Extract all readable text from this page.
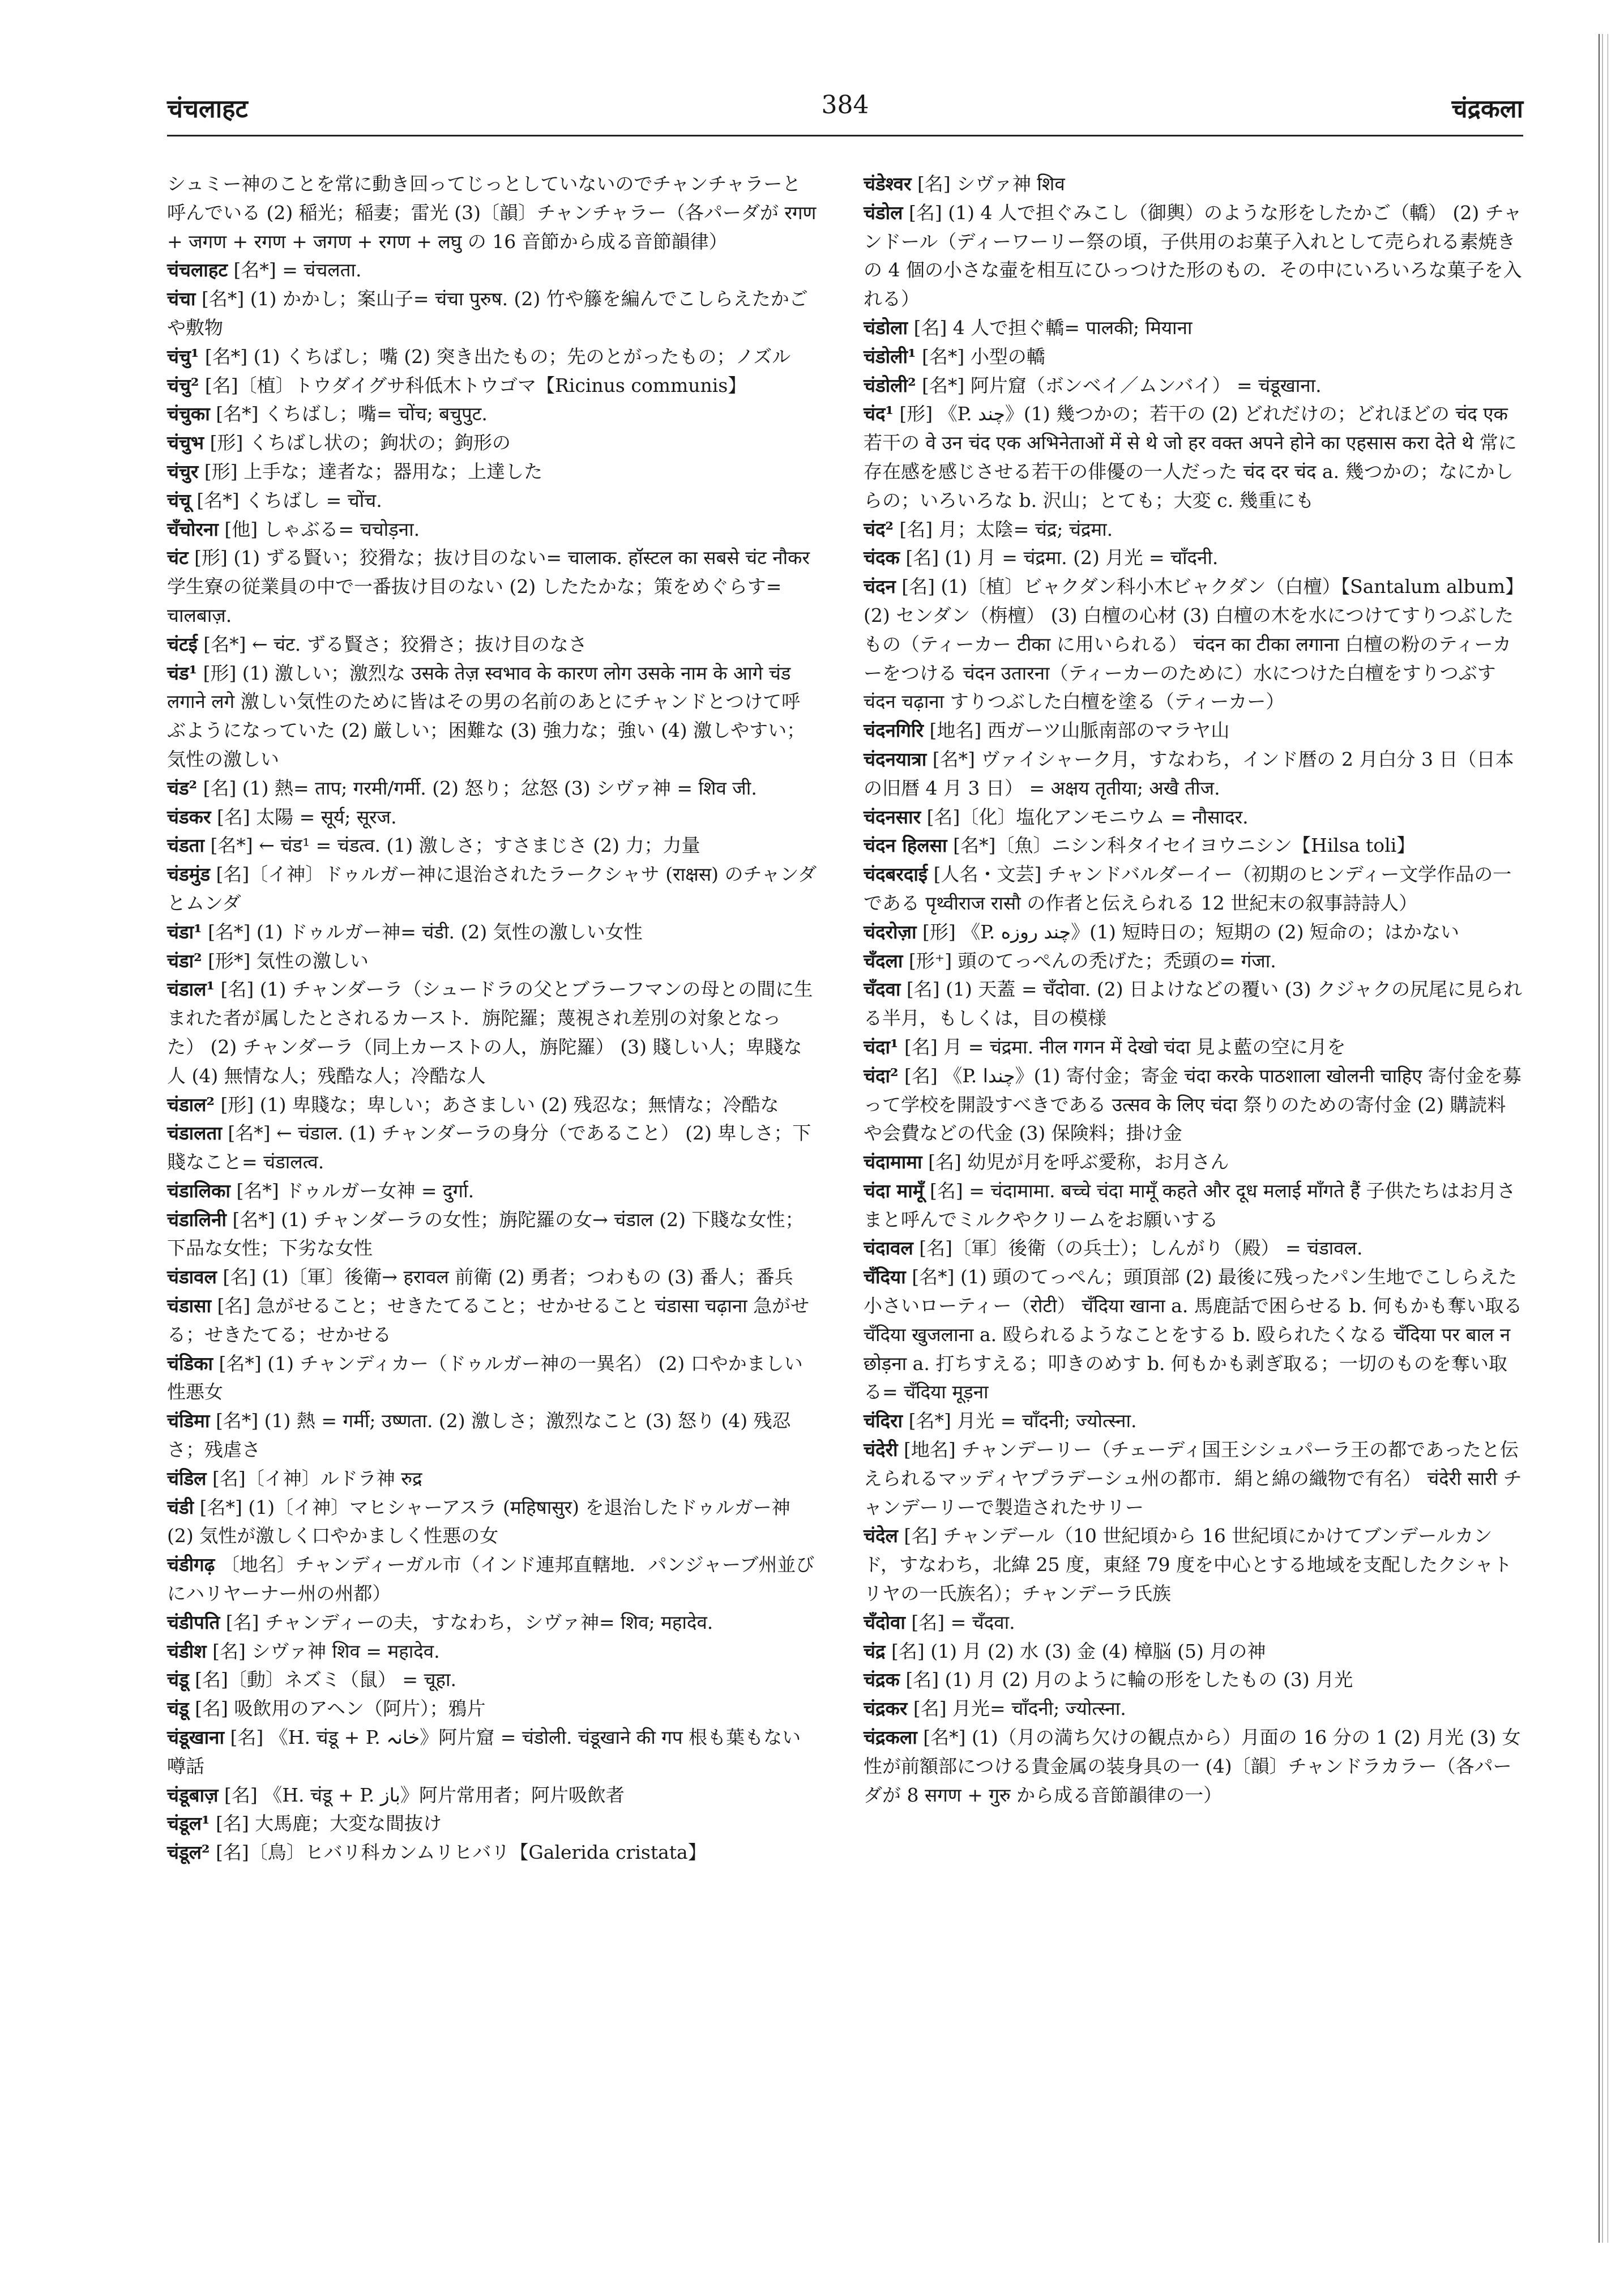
चंचलाहट	384	चंद्रकला

シュミー神のことを常に動き回ってじっとしていないのでチャンチャラーと呼んでいる (2) 稲光；稲妻；雷光 (3)〔韻〕チャンチャラー（各パーダが रगण + जगण + रगण + जगण + रगण + लघु の 16 音節から成る音節韻律）

चंचलाहट [名*] = चंचलता.

चंचा [名*] (1) かかし；案山子= चंचा पुरुष. (2) 竹や籐を編んでこしらえたかごや敷物

चंचु¹ [名*] (1) くちばし；嘴 (2) 突き出たもの；先のとがったもの；ノズル

चंचु² [名]〔植〕トウダイグサ科低木トウゴマ【Ricinus communis】

चंचुका [名*] くちばし；嘴= चोंच; बचुपुट.

चंचुभ [形] くちばし状の；鉤状の；鉤形の

चंचुर [形] 上手な；達者な；器用な；上達した

चंचू [名*] くちばし = चोंच.

चँचोरना [他] しゃぶる= चचोड़ना.

चंट [形] (1) ずる賢い；狡猾な；抜け目のない= चालाक. हॉस्टल का सबसे चंट नौकर 学生寮の従業員の中で一番抜け目のない (2) したたかな；策をめぐらす= चालबाज़.

चंटई [名*] ← चंट. ずる賢さ；狡猾さ；抜け目のなさ

चंड¹ [形] (1) 激しい；激烈な उसके तेज़ स्वभाव के कारण लोग उसके नाम के आगे चंड लगाने लगे 激しい気性のために皆はその男の名前のあとにチャンドとつけて呼ぶようになっていた (2) 厳しい；困難な (3) 強力な；強い (4) 激しやすい；気性の激しい

चंड² [名] (1) 熱= ताप; गरमी/गर्मी. (2) 怒り；忿怒 (3) シヴァ神 = शिव जी.

चंडकर [名] 太陽 = सूर्य; सूरज.

चंडता [名*] ← चंड¹ = चंडत्व. (1) 激しさ；すさまじさ (2) 力；力量

चंडमुंड [名]〔イ神〕ドゥルガー神に退治されたラークシャサ (राक्षस) のチャンダとムンダ

चंडा¹ [名*] (1) ドゥルガー神= चंडी. (2) 気性の激しい女性

चंडा² [形*] 気性の激しい

चंडाल¹ [名] (1) チャンダーラ（シュードラの父とブラーフマンの母との間に生まれた者が属したとされるカースト．旃陀羅；蔑視され差別の対象となった） (2) チャンダーラ（同上カーストの人，旃陀羅） (3) 賤しい人；卑賤な人 (4) 無情な人；残酷な人；冷酷な人

चंडाल² [形] (1) 卑賤な；卑しい；あさましい (2) 残忍な；無情な；冷酷な

चंडालता [名*] ← चंडाल. (1) チャンダーラの身分（であること） (2) 卑しさ；下賤なこと= चंडालत्व.

चंडालिका [名*] ドゥルガー女神 = दुर्गा.

चंडालिनी [名*] (1) チャンダーラの女性；旃陀羅の女→ चंडाल (2) 下賤な女性；下品な女性；下劣な女性

चंडावल [名] (1)〔軍〕後衛→ हरावल 前衛 (2) 勇者；つわもの (3) 番人；番兵

चंडासा [名] 急がせること；せきたてること；せかせること चंडासा चढ़ाना 急がせる；せきたてる；せかせる

चंडिका [名*] (1) チャンディカー（ドゥルガー神の一異名） (2) 口やかましい性悪女

चंडिमा [名*] (1) 熱 = गर्मी; उष्णता. (2) 激しさ；激烈なこと (3) 怒り (4) 残忍さ；残虐さ

चंडिल [名]〔イ神〕ルドラ神 रुद्र

चंडी [名*] (1)〔イ神〕マヒシャーアスラ (महिषासुर) を退治したドゥルガー神 (2) 気性が激しく口やかましく性悪の女

चंडीगढ़ 〔地名〕チャンディーガル市（インド連邦直轄地．パンジャーブ州並びにハリヤーナー州の州都）

चंडीपति [名] チャンディーの夫，すなわち，シヴァ神= शिव; महादेव.

चंडीश [名] シヴァ神 शिव = महादेव.

चंडू [名]〔動〕ネズミ（鼠） = चूहा.

चंडू [名] 吸飲用のアヘン（阿片）；鴉片

चंडूखाना [名] 《H. चंडू + P. خانہ》阿片窟 = चंडोली. चंडूखाने की गप 根も葉もない噂話

चंडूबाज़ [名] 《H. चंडू + P. باز》阿片常用者；阿片吸飲者

चंडूल¹ [名] 大馬鹿；大変な間抜け

चंडूल² [名]〔鳥〕ヒバリ科カンムリヒバリ【Galerida cristata】

चंडेश्वर [名] シヴァ神 शिव

चंडोल [名] (1) 4 人で担ぐみこし（御輿）のような形をしたかご（轎） (2) チャンドール（ディーワーリー祭の頃，子供用のお菓子入れとして売られる素焼きの 4 個の小さな壷を相互にひっつけた形のもの．その中にいろいろな菓子を入れる）

चंडोला [名] 4 人で担ぐ轎= पालकी; मियाना

चंडोली¹ [名*] 小型の轎

चंडोली² [名*] 阿片窟（ボンベイ／ムンバイ） = चंडूखाना.

चंद¹ [形] 《P. چند》(1) 幾つかの；若干の (2) どれだけの；どれほどの चंद एक 若干の वे उन चंद एक अभिनेताओं में से थे जो हर वक्त अपने होने का एहसास करा देते थे 常に存在感を感じさせる若干の俳優の一人だった चंद दर चंद a. 幾つかの；なにかしらの；いろいろな b. 沢山；とても；大変 c. 幾重にも

चंद² [名] 月；太陰= चंद्र; चंद्रमा.

चंदक [名] (1) 月 = चंद्रमा. (2) 月光 = चाँदनी.

चंदन [名] (1)〔植〕ビャクダン科小木ビャクダン（白檀）【Santalum album】(2) センダン（栴檀） (3) 白檀の心材 (3) 白檀の木を水につけてすりつぶしたもの（ティーカー टीका に用いられる） चंदन का टीका लगाना 白檀の粉のティーカーをつける चंदन उतारना（ティーカーのために）水につけた白檀をすりつぶす चंदन चढ़ाना すりつぶした白檀を塗る（ティーカー）

चंदनगिरि [地名] 西ガーツ山脈南部のマラヤ山

चंदनयात्रा [名*] ヴァイシャーク月，すなわち，インド暦の 2 月白分 3 日（日本の旧暦 4 月 3 日） = अक्षय तृतीया; अखै तीज.

चंदनसार [名]〔化〕塩化アンモニウム = नौसादर.

चंदन हिलसा [名*]〔魚〕ニシン科タイセイヨウニシン【Hilsa toli】

चंदबरदाई [人名・文芸] チャンドバルダーイー（初期のヒンディー文学作品の一である पृथ्वीराज रासौ の作者と伝えられる 12 世紀末の叙事詩詩人）

चंदरोज़ा [形] 《P. چند روزه》(1) 短時日の；短期の (2) 短命の；はかない

चँदला [形⁺] 頭のてっぺんの禿げた；禿頭の= गंजा.

चँदवा [名] (1) 天蓋 = चँदोवा. (2) 日よけなどの覆い (3) クジャクの尻尾に見られる半月，もしくは，目の模様

चंदा¹ [名] 月 = चंद्रमा. नील गगन में देखो चंदा 見よ藍の空に月を

चंदा² [名] 《P. چندا》(1) 寄付金；寄金 चंदा करके पाठशाला खोलनी चाहिए 寄付金を募って学校を開設すべきである उत्सव के लिए चंदा 祭りのための寄付金 (2) 購読料や会費などの代金 (3) 保険料；掛け金

चंदामामा [名] 幼児が月を呼ぶ愛称，お月さん

चंदा मामूँ [名] = चंदामामा. बच्चे चंदा मामूँ कहते और दूध मलाई माँगते हैं 子供たちはお月さまと呼んでミルクやクリームをお願いする

चंदावल [名]〔軍〕後衛（の兵士）；しんがり（殿） = चंडावल.

चँदिया [名*] (1) 頭のてっぺん；頭頂部 (2) 最後に残ったパン生地でこしらえた小さいローティー（रोटी） चँदिया खाना a. 馬鹿話で困らせる b. 何もかも奪い取る चँदिया खुजलाना a. 殴られるようなことをする b. 殴られたくなる चँदिया पर बाल न छोड़ना a. 打ちすえる；叩きのめす b. 何もかも剥ぎ取る；一切のものを奪い取る= चँदिया मूड़ना

चंदिरा [名*] 月光 = चाँदनी; ज्योत्स्ना.

चंदेरी [地名] チャンデーリー（チェーディ国王シシュパーラ王の都であったと伝えられるマッディヤプラデーシュ州の都市．絹と綿の織物で有名） चंदेरी सारी チャンデーリーで製造されたサリー

चंदेल [名] チャンデール（10 世紀頃から 16 世紀頃にかけてブンデールカンド，すなわち，北緯 25 度，東経 79 度を中心とする地域を支配したクシャトリヤの一氏族名）；チャンデーラ氏族

चँदोवा [名] = चँदवा.

चंद्र [名] (1) 月 (2) 水 (3) 金 (4) 樟脳 (5) 月の神

चंद्रक [名] (1) 月 (2) 月のように輪の形をしたもの (3) 月光

चंद्रकर [名] 月光= चाँदनी; ज्योत्स्ना.

चंद्रकला [名*] (1)（月の満ち欠けの観点から）月面の 16 分の 1 (2) 月光 (3) 女性が前額部につける貴金属の装身具の一 (4)〔韻〕チャンドラカラー（各パーダが 8 सगण + गुरु から成る音節韻律の一）
